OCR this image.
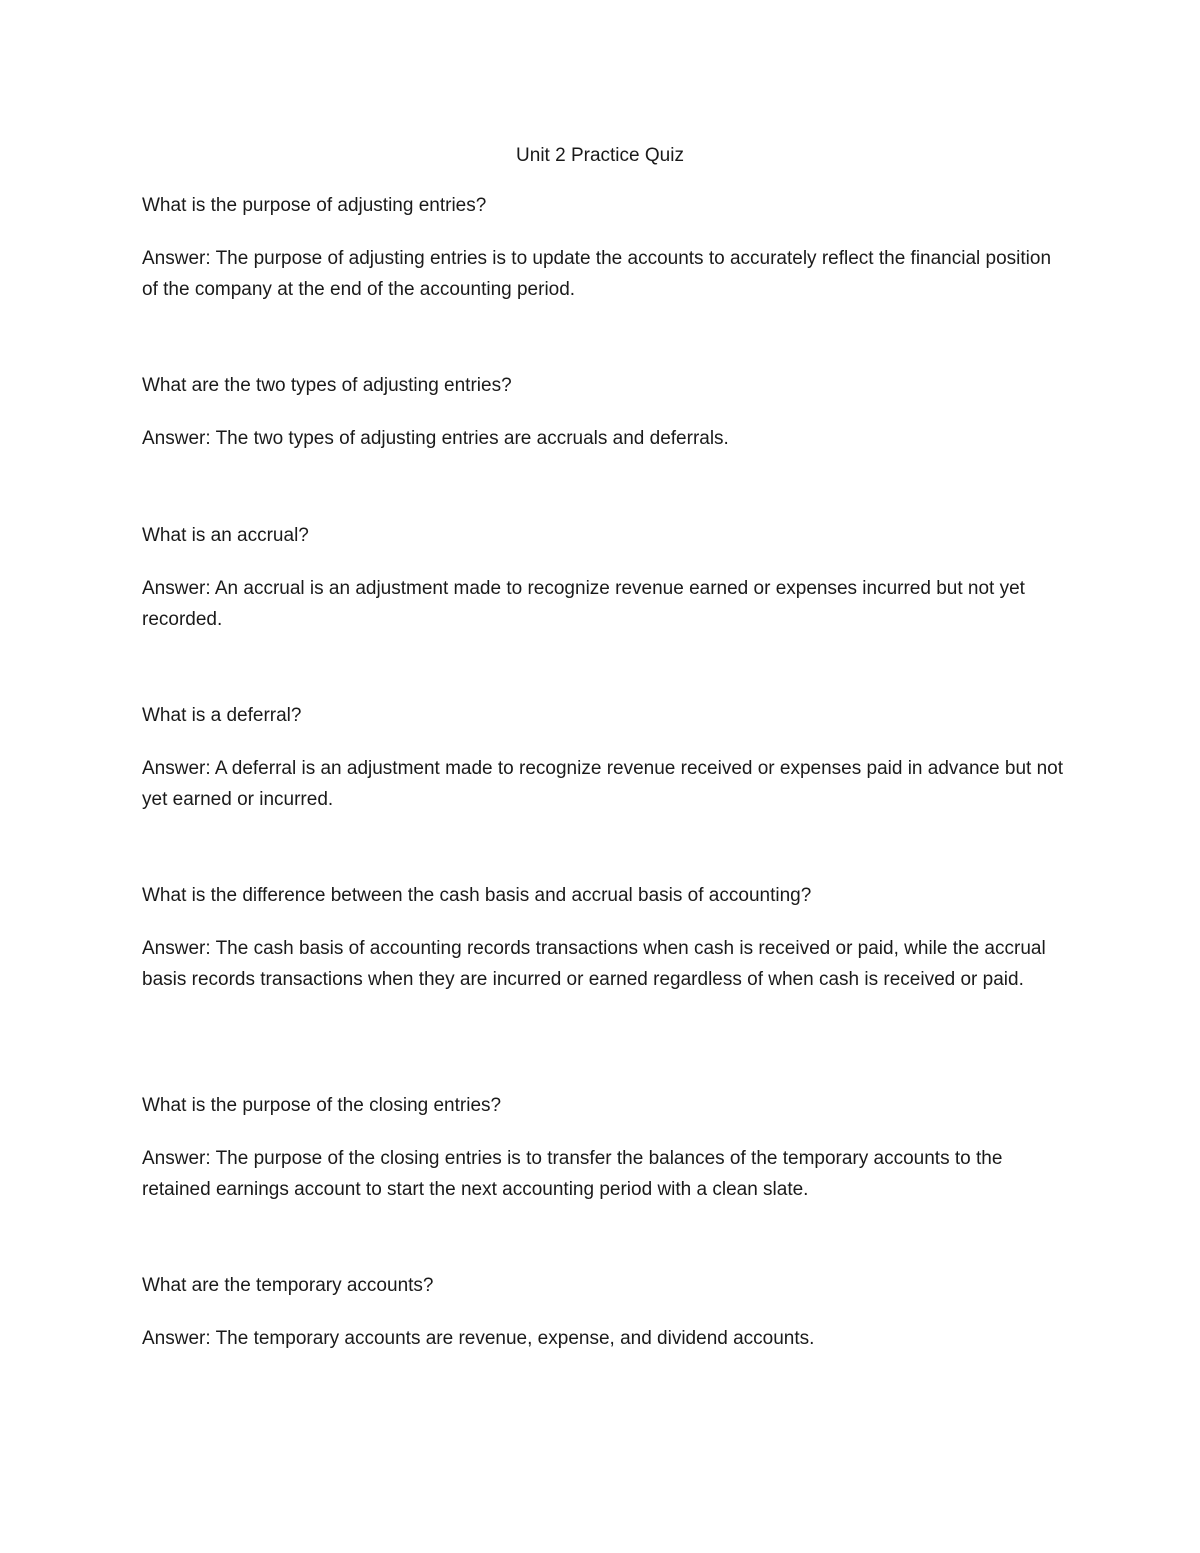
Unit 2 Practice Quiz

What is the purpose of adjusting entries?

Answer: The purpose of adjusting entries is to update the accounts to accurately reflect the financial position of the company at the end of the accounting period.

What are the two types of adjusting entries?

Answer: The two types of adjusting entries are accruals and deferrals.

What is an accrual?

Answer: An accrual is an adjustment made to recognize revenue earned or expenses incurred but not yet recorded.

What is a deferral?

Answer: A deferral is an adjustment made to recognize revenue received or expenses paid in advance but not yet earned or incurred.

What is the difference between the cash basis and accrual basis of accounting?

Answer: The cash basis of accounting records transactions when cash is received or paid, while the accrual basis records transactions when they are incurred or earned regardless of when cash is received or paid.

What is the purpose of the closing entries?

Answer: The purpose of the closing entries is to transfer the balances of the temporary accounts to the retained earnings account to start the next accounting period with a clean slate.

What are the temporary accounts?

Answer: The temporary accounts are revenue, expense, and dividend accounts.
